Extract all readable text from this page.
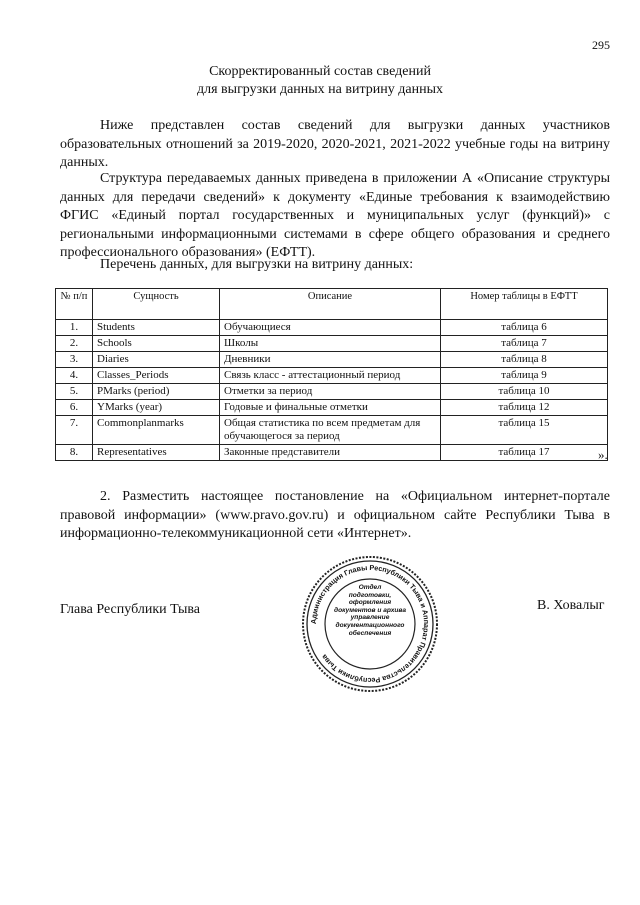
295
Скорректированный состав сведений
для выгрузки данных на витрину данных

Ниже представлен состав сведений для выгрузки данных участников образовательных отношений за 2019-2020, 2020-2021, 2021-2022 учебные годы на витрину данных.

Структура передаваемых данных приведена в приложении А «Описание структуры данных для передачи сведений» к документу «Единые требования к взаимодействию ФГИС «Единый портал государственных и муниципальных услуг (функций)» с региональными информационными системами в сфере общего образования и среднего профессионального образования» (ЕФТТ).

Перечень данных, для выгрузки на витрину данных:

№ п/п	Сущность	Описание	Номер таблицы в ЕФТТ
1.	Students	Обучающиеся	таблица 6
2.	Schools	Школы	таблица 7
3.	Diaries	Дневники	таблица 8
4.	Classes_Periods	Связь класс - аттестационный период	таблица 9
5.	PMarks (period)	Отметки за период	таблица 10
6.	YMarks (year)	Годовые и финальные отметки	таблица 12
7.	Commonplanmarks	Общая статистика по всем предметам для обучающегося за период	таблица 15
8.	Representatives	Законные представители	таблица 17	».

2. Разместить настоящее постановление на «Официальном интернет-портале правовой информации» (www.pravo.gov.ru) и официальном сайте Республики Тыва в информационно-телекоммуникационной сети «Интернет».

Глава Республики Тыва	В. Ховалыг
Администрация Главы Республики Тыва и Аппарат Правительства Республики Тыва
Отдел
подготовки,
оформления
документов и архива
управление
документационного
обеспечения
